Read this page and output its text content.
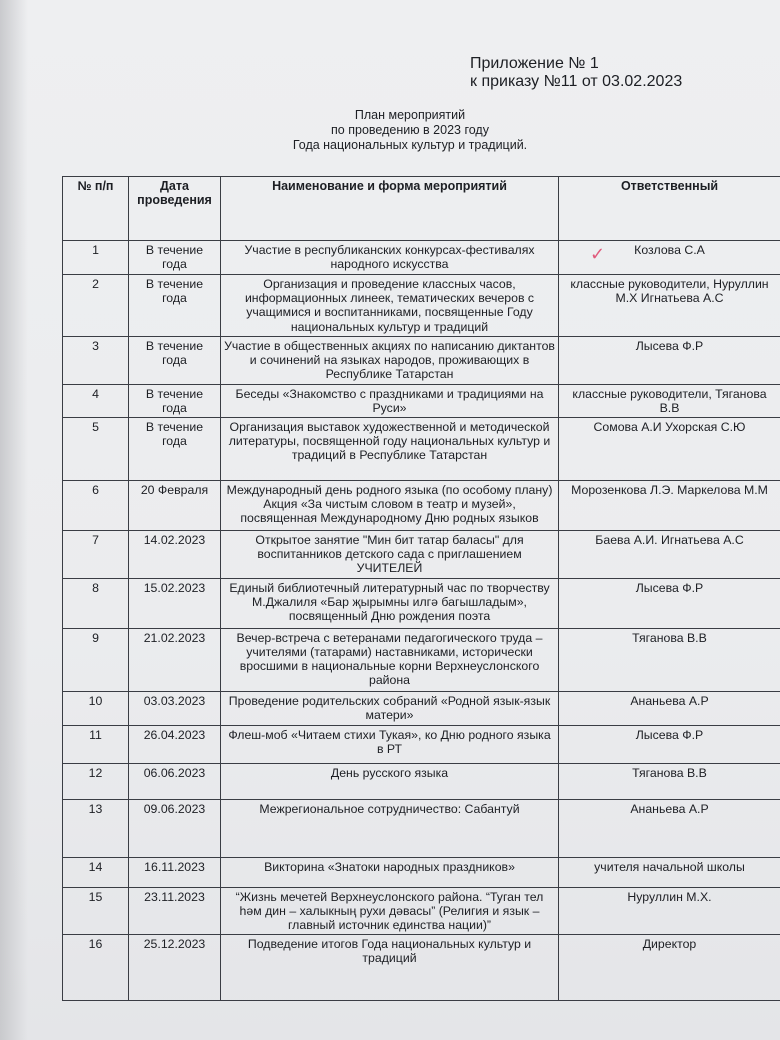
Приложение № 1
к приказу №11 от 03.02.2023
План мероприятий
по проведению в 2023 году
Года национальных культур и традиций.
№ п/п	Дата проведения	Наименование и форма мероприятий	Ответственный
1	В течение года	Участие в республиканских конкурсах-фестивалях народного искусства	Козлова С.А
2	В течение года	Организация и проведение классных часов, информационных линеек, тематических вечеров с учащимися и воспитанниками, посвященные Году национальных культур и традиций	классные руководители, Нуруллин М.Х Игнатьева А.С
3	В течение года	Участие в общественных акциях по написанию диктантов и сочинений на языках народов, проживающих в Республике Татарстан	Лысева Ф.Р
4	В течение года	Беседы «Знакомство с праздниками и традициями на Руси»	классные руководители, Тяганова В.В
5	В течение года	Организация выставок художественной и методической литературы, посвященной году национальных культур и традиций в Республике Татарстан	Сомова А.И Ухорская С.Ю
6	20 Февраля	Международный день родного языка (по особому плану) Акция «За чистым словом в театр и музей», посвященная Международному Дню родных языков	Морозенкова Л.Э. Маркелова М.М
7	14.02.2023	Открытое занятие "Мин бит татар баласы" для воспитанников детского сада с приглашением УЧИТЕЛЕЙ	Баева А.И. Игнатьева А.С
8	15.02.2023	Единый библиотечный литературный час по творчеству М.Джалиля «Бар җырымны илгә багышладым», посвященный Дню рождения поэта	Лысева Ф.Р
9	21.02.2023	Вечер-встреча с ветеранами педагогического труда – учителями (татарами) наставниками, исторически вросшими в национальные корни Верхнеуслонского района	Тяганова В.В
10	03.03.2023	Проведение родительских собраний «Родной язык-язык матери»	Ананьева А.Р
11	26.04.2023	Флеш-моб «Читаем стихи Тукая», ко Дню родного языка в РТ	Лысева Ф.Р
12	06.06.2023	День русского языка	Тяганова В.В
13	09.06.2023	Межрегиональное сотрудничество: Сабантуй	Ананьева А.Р
14	16.11.2023	Викторина «Знатоки народных праздников»	учителя начальной школы
15	23.11.2023	“Жизнь мечетей Верхнеуслонского района. “Туган тел һәм дин – халыкның рухи дәвасы” (Религия и язык – главный источник единства нации)”	Нуруллин М.Х.
16	25.12.2023	Подведение итогов Года национальных культур и традиций	Директор
✓
